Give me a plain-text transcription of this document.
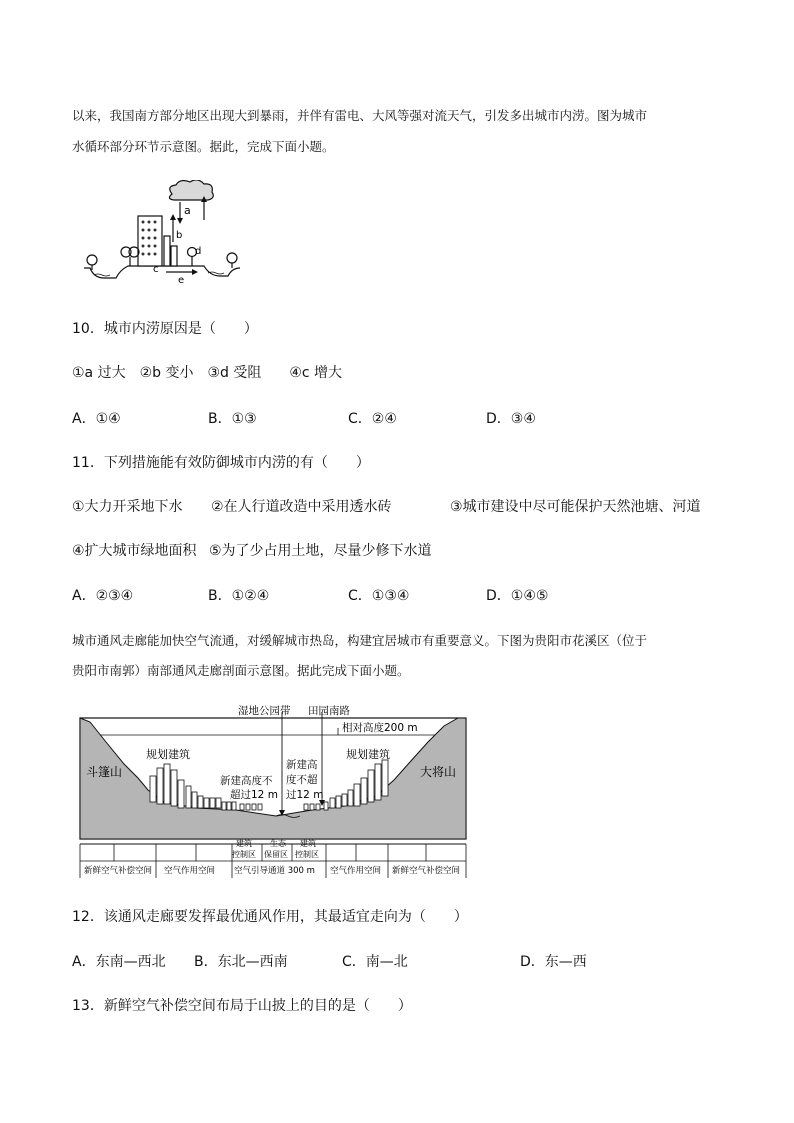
以来，我国南方部分地区出现大到暴雨，并伴有雷电、大风等强对流天气，引发多出城市内涝。图为城市
水循环部分环节示意图。据此，完成下面小题。
a
b
c
d
e
10．城市内涝原因是（　　）
①a 过大　②b 变小　③d 受阻　　④c 增大
A．①④	B．①③	C．②④	D．③④
11．下列措施能有效防御城市内涝的有（　　）
①大力开采地下水 ②在人行道改造中采用透水砖	③城市建设中尽可能保护天然池塘、河道
④扩大城市绿地面积 ⑤为了少占用土地，尽量少修下水道
A．②③④	B．①②④	C．①③④	D．①④⑤
城市通风走廊能加快空气流通，对缓解城市热岛，构建宜居城市有重要意义。下图为贵阳市花溪区（位于
贵阳市南郭）南部通风走廊剖面示意图。据此完成下面小题。
湿地公园带 田园南路
相对高度200 m
规划建筑	规划建筑
斗篷山	大将山
新建高度不
超过12 m
新建高
度不超
过12 m
建筑
控制区
生态
保留区
建筑
控制区
新鲜空气补偿空间 空气作用空间 空气引导通道 300 m 空气作用空间 新鲜空气补偿空间
12．该通风走廊要发挥最优通风作用，其最适宜走向为（　　）
A．东南—西北 B．东北—西南	C．南—北	D．东—西
13．新鲜空气补偿空间布局于山披上的目的是（　　）
